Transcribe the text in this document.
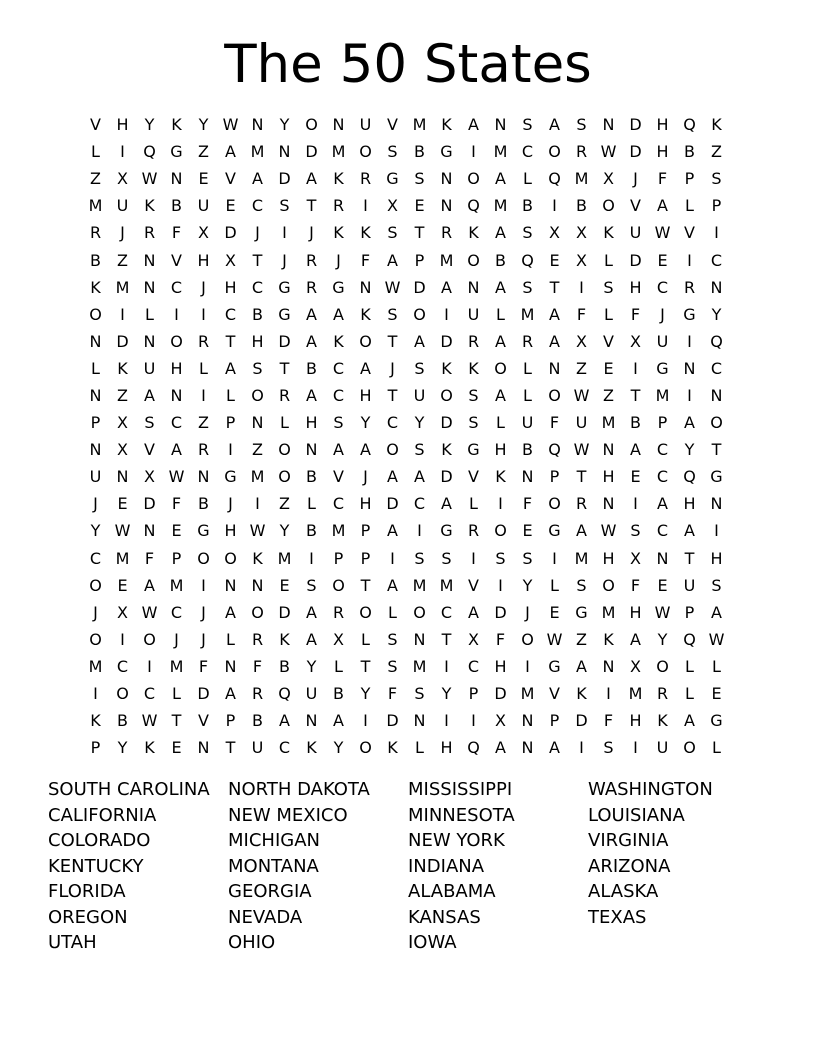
The 50 States
V H	Y	K	Y W N	Y O N U V M K	A N S	A	S N D H Q K
L	I	Q G Z	A M N D M O S	B G	I	M C O R W D H B	Z
Z	X W N E	V	A D A	K	R G S N O A	L	Q M X	J	F	P	S
M U K	B U	E	C	S	T	R	I	X	E N Q M B	I	B O V	A	L	P
R	J	R	F	X D	J	I	J	K	K	S	T	R	K	A	S	X	X	K U W V	I
B	Z N V H X	T	J	R	J	F	A	P M O B Q E	X	L	D E	I	C
K M N C	J	H C G R G N W D A N A	S	T	I	S H C R N
O	I	L	I	I	C B G A	A	K	S O	I	U	L M A	F	L	F	J	G Y
N D N O R	T	H D A	K O T	A D R A R A	X	V	X U	I	Q
L	K U H	L	A	S	T	B C A	J	S	K	K O	L	N Z	E	I	G N C
N Z	A N	I	L	O R A C H	T	U O S	A	L	O W Z	T M	I	N
P	X	S	C Z	P	N	L	H S	Y	C	Y D S	L	U	F	U M B	P	A O
N X	V	A R	I	Z O N A	A O S	K G H B Q W N A C	Y	T
U N X W N G M O B	V	J	A	A D V	K N	P	T	H E	C Q G
J	E D	F	B	J	I	Z	L	C H D C A	L	I	F	O R N	I	A H N
Y W N E G H W Y	B M P	A	I	G R O E G A W S	C A	I
C M F	P O O K M	I	P	P	I	S	S	I	S	S	I	M H X N	T	H
O E	A M	I	N N E	S O T	A M M V	I	Y	L	S O	F	E	U	S
J	X W C	J	A O D A R O	L	O C A D	J	E G M H W P	A
O	I	O	J	J	L	R	K	A	X	L	S N	T	X	F	O W Z	K	A	Y Q W
M C	I	M F	N	F	B	Y	L	T	S M	I	C H	I	G A N X O	L	L
I	O C	L	D A R Q U B	Y	F	S	Y	P	D M V	K	I	M R	L	E
K	B W T	V	P	B	A N A	I	D N	I	I	X N	P	D	F	H K	A G
P	Y	K	E N	T	U C	K	Y O K	L	H Q A N A	I	S	I	U O	L
SOUTH CAROLINA	NORTH DAKOTA	MISSISSIPPI	WASHINGTON
CALIFORNIA	NEW MEXICO	MINNESOTA	LOUISIANA
COLORADO	MICHIGAN	NEW YORK	VIRGINIA
KENTUCKY	MONTANA	INDIANA	ARIZONA
FLORIDA	GEORGIA	ALABAMA	ALASKA
OREGON	NEVADA	KANSAS	TEXAS
UTAH	OHIO	IOWA
